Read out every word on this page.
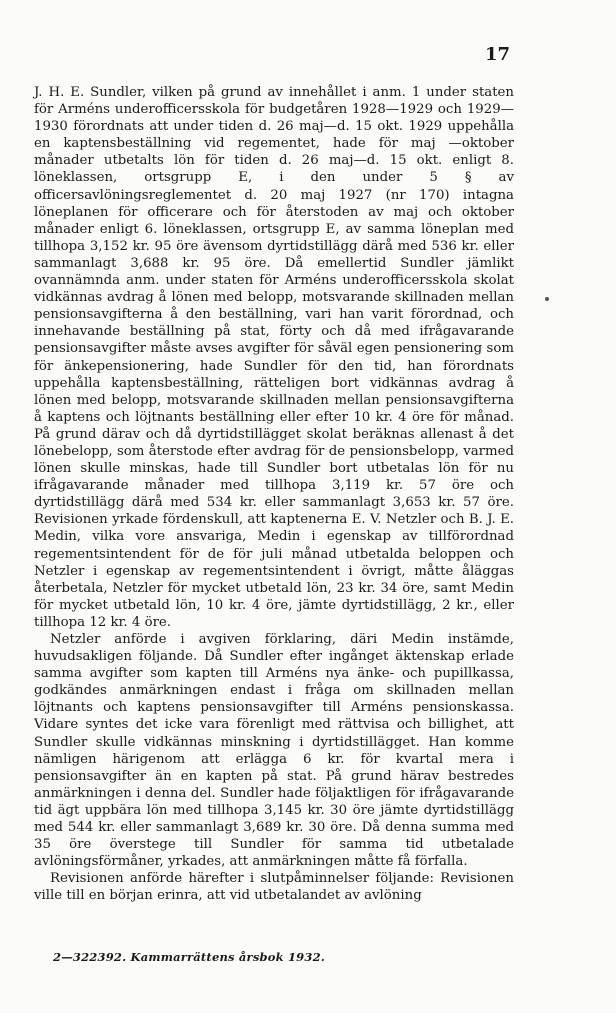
17

J. H. E. Sundler, vilken på grund av innehållet i anm. 1 under staten för Arméns underofficersskola för budgetåren 1928—1929 och 1929—1930 förordnats att under tiden d. 26 maj—d. 15 okt. 1929 uppehålla en kaptensbeställning vid regementet, hade för maj —oktober månader utbetalts lön för tiden d. 26 maj—d. 15 okt. enligt 8. löneklassen, ortsgrupp E, i den under 5 § av officersavlöningsreglementet d. 20 maj 1927 (nr 170) intagna löneplanen för officerare och för återstoden av maj och oktober månader enligt 6. löneklassen, ortsgrupp E, av samma löneplan med tillhopa 3,152 kr. 95 öre ävensom dyrtidstillägg därå med 536 kr. eller sammanlagt 3,688 kr. 95 öre. Då emellertid Sundler jämlikt ovannämnda anm. under staten för Arméns underofficersskola skolat vidkännas avdrag å lönen med belopp, motsvarande skillnaden mellan pensionsavgifterna å den beställning, vari han varit förordnad, och innehavande beställning på stat, förty och då med ifrågavarande pensionsavgifter måste avses avgifter för såväl egen pensionering som för änkepensionering, hade Sundler för den tid, han förordnats uppehålla kaptensbeställning, rätteligen bort vidkännas avdrag å lönen med belopp, motsvarande skillnaden mellan pensionsavgifterna å kaptens och löjtnants beställning eller efter 10 kr. 4 öre för månad. På grund därav och då dyrtidstillägget skolat beräknas allenast å det lönebelopp, som återstode efter avdrag för de pensionsbelopp, varmed lönen skulle minskas, hade till Sundler bort utbetalas lön för nu ifrågavarande månader med tillhopa 3,119 kr. 57 öre och dyrtidstillägg därå med 534 kr. eller sammanlagt 3,653 kr. 57 öre. Revisionen yrkade fördenskull, att kaptenerna E. V. Netzler och B. J. E. Medin, vilka vore ansvariga, Medin i egenskap av tillförordnad regementsintendent för de för juli månad utbetalda beloppen och Netzler i egenskap av regementsintendent i övrigt, måtte åläggas återbetala, Netzler för mycket utbetald lön, 23 kr. 34 öre, samt Medin för mycket utbetald lön, 10 kr. 4 öre, jämte dyrtidstillägg, 2 kr., eller tillhopa 12 kr. 4 öre.

Netzler anförde i avgiven förklaring, däri Medin instämde, huvudsakligen följande. Då Sundler efter ingånget äktenskap erlade samma avgifter som kapten till Arméns nya änke- och pupillkassa, godkändes anmärkningen endast i fråga om skillnaden mellan löjtnants och kaptens pensionsavgifter till Arméns pensionskassa. Vidare syntes det icke vara förenligt med rättvisa och billighet, att Sundler skulle vidkännas minskning i dyrtidstillägget. Han komme nämligen härigenom att erlägga 6 kr. för kvartal mera i pensionsavgifter än en kapten på stat. På grund härav bestredes anmärkningen i denna del. Sundler hade följaktligen för ifrågavarande tid ägt uppbära lön med tillhopa 3,145 kr. 30 öre jämte dyrtidstillägg med 544 kr. eller sammanlagt 3,689 kr. 30 öre. Då denna summa med 35 öre överstege till Sundler för samma tid utbetalade avlöningsförmåner, yrkades, att anmärkningen måtte få förfalla.

Revisionen anförde härefter i slutpåminnelser följande: Revisionen ville till en början erinra, att vid utbetalandet av avlöning

2—322392. Kammarrättens årsbok 1932.
